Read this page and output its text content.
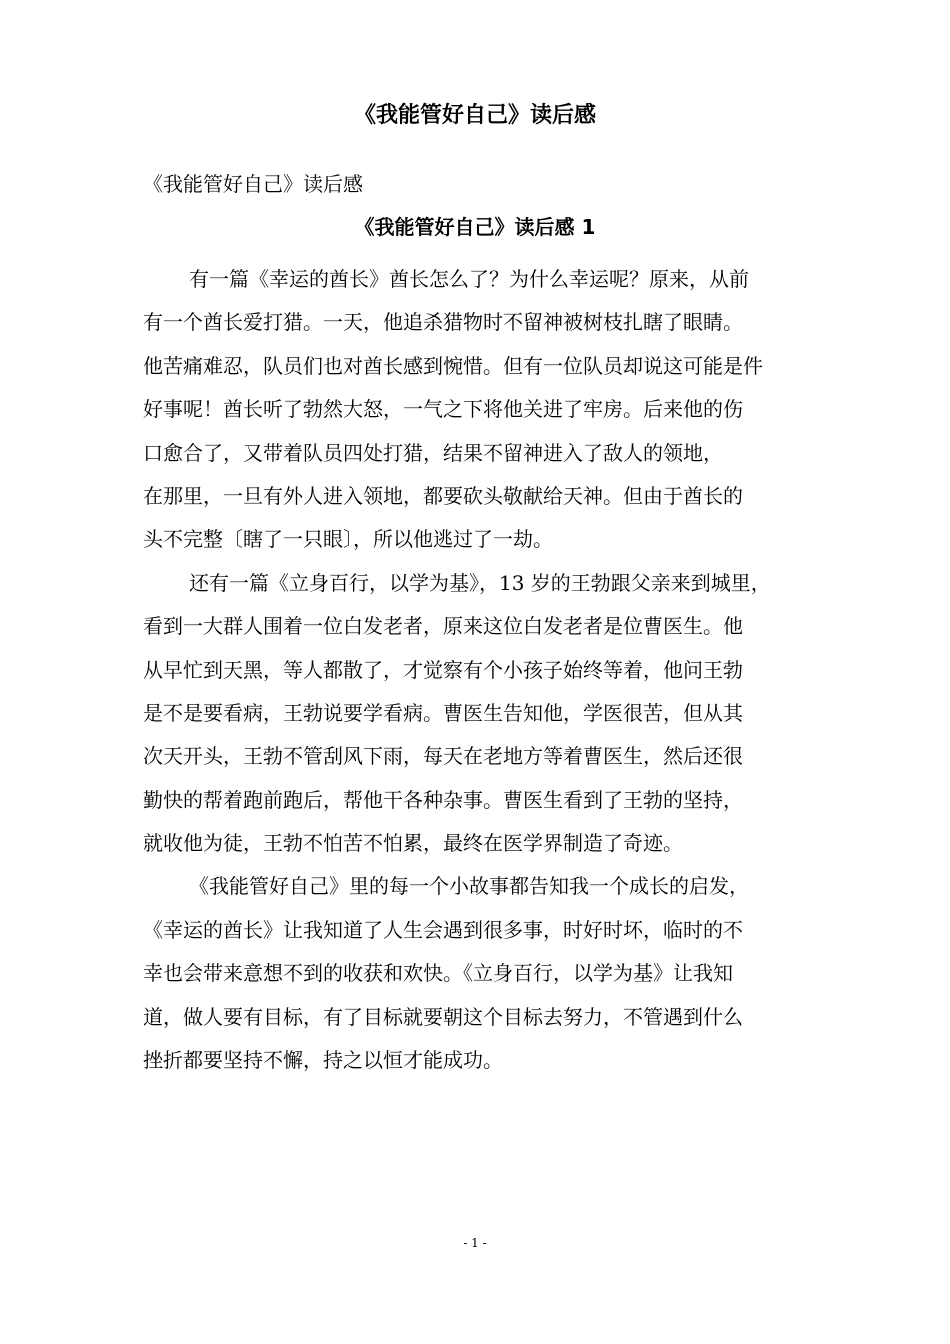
《我能管好自己》读后感

《我能管好自己》读后感

《我能管好自己》读后感 1

有一篇《幸运的酋长》酋长怎么了？为什么幸运呢？原来，从前
有一个酋长爱打猎。一天，他追杀猎物时不留神被树枝扎瞎了眼睛。
他苦痛难忍，队员们也对酋长感到惋惜。但有一位队员却说这可能是件
好事呢！酋长听了勃然大怒，一气之下将他关进了牢房。后来他的伤
口愈合了，又带着队员四处打猎，结果不留神进入了敌人的领地，
在那里，一旦有外人进入领地，都要砍头敬献给天神。但由于酋长的
头不完整〔瞎了一只眼〕，所以他逃过了一劫。

还有一篇《立身百行，以学为基》，13 岁的王勃跟父亲来到城里，
看到一大群人围着一位白发老者，原来这位白发老者是位曹医生。他
从早忙到天黑，等人都散了，才觉察有个小孩子始终等着，他问王勃
是不是要看病，王勃说要学看病。曹医生告知他，学医很苦，但从其
次天开头，王勃不管刮风下雨，每天在老地方等着曹医生，然后还很
勤快的帮着跑前跑后，帮他干各种杂事。曹医生看到了王勃的坚持，
就收他为徒，王勃不怕苦不怕累，最终在医学界制造了奇迹。

《我能管好自己》里的每一个小故事都告知我一个成长的启发，
《幸运的酋长》让我知道了人生会遇到很多事，时好时坏，临时的不
幸也会带来意想不到的收获和欢快。《立身百行，以学为基》让我知
道，做人要有目标，有了目标就要朝这个目标去努力，不管遇到什么
挫折都要坚持不懈，持之以恒才能成功。

- 1 -
